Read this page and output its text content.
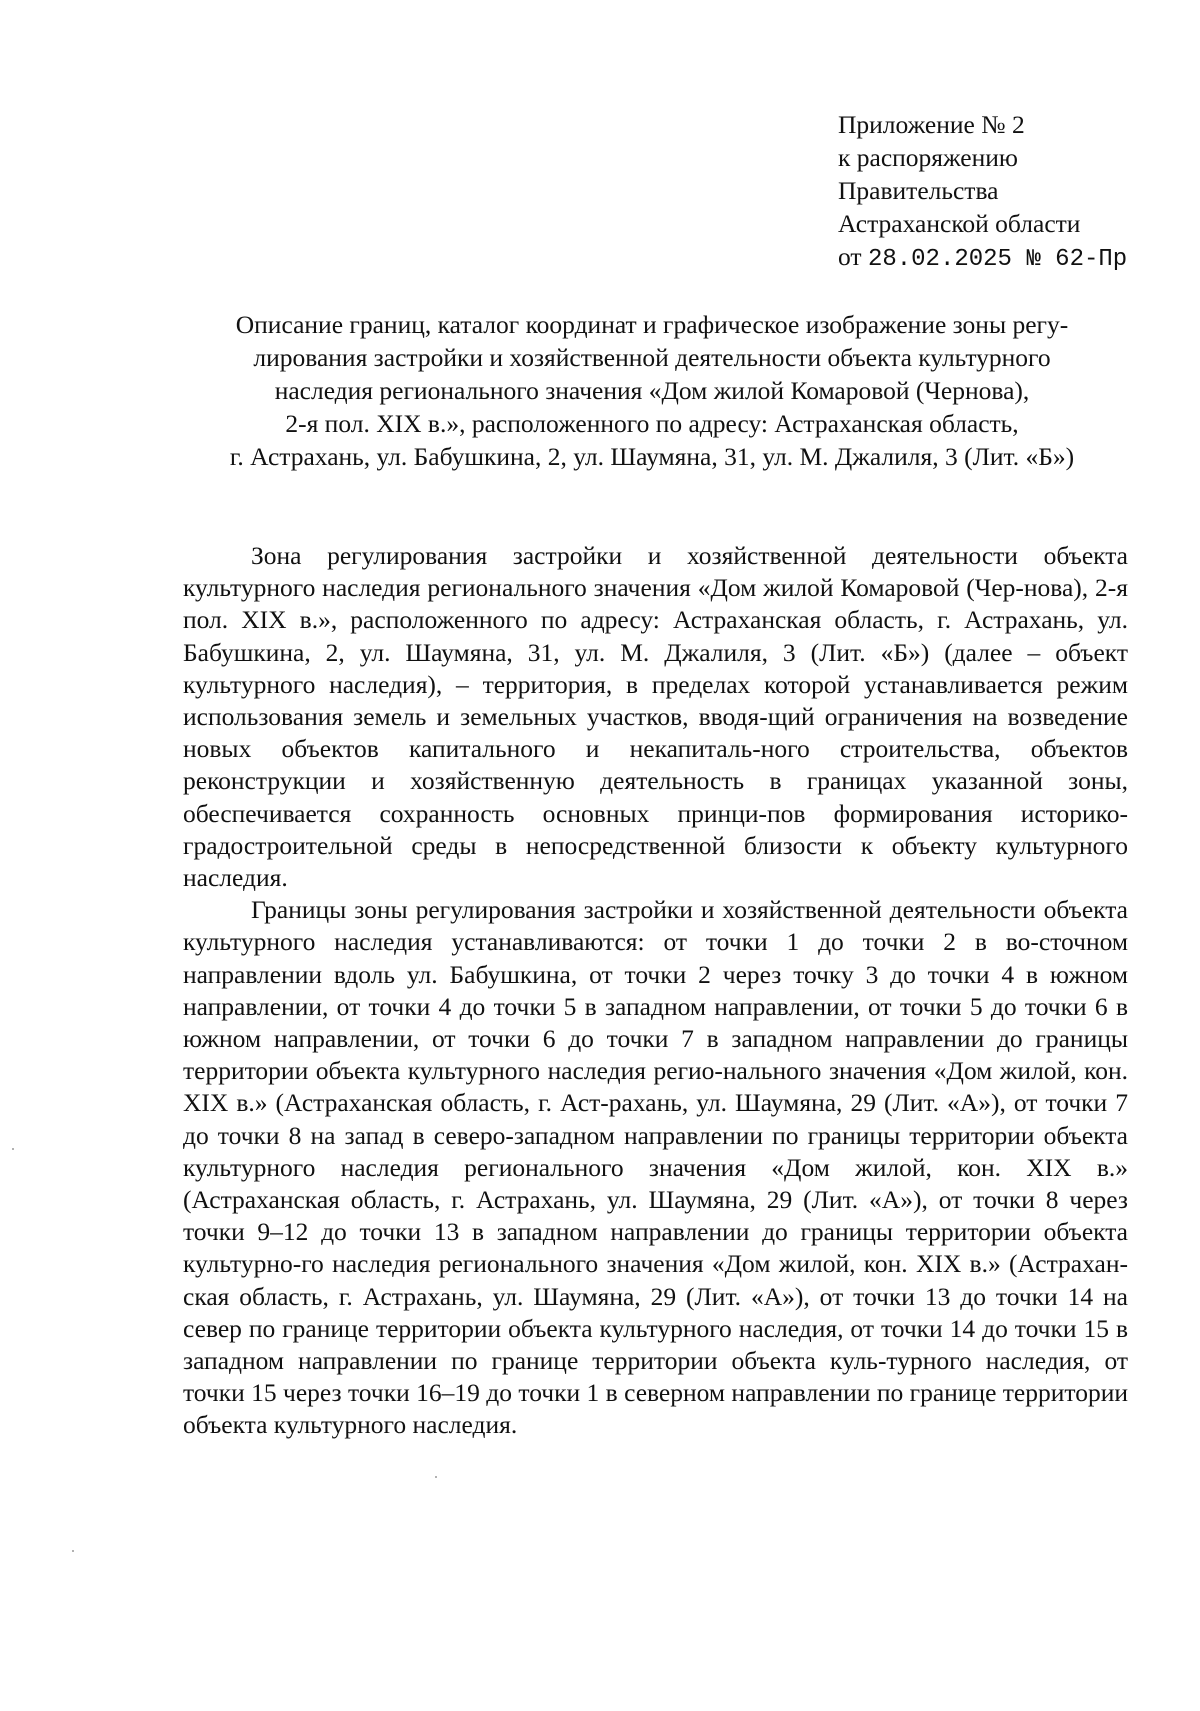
Приложение № 2
к распоряжению
Правительства
Астраханской области
от 28.02.2025 № 62-Пр
Описание границ, каталог координат и графическое изображение зоны регу-
лирования застройки и хозяйственной деятельности объекта культурного
наследия регионального значения «Дом жилой Комаровой (Чернова),
2-я пол. XIX в.», расположенного по адресу: Астраханская область,
г. Астрахань, ул. Бабушкина, 2, ул. Шаумяна, 31, ул. М. Джалиля, 3 (Лит. «Б»)

Зона регулирования застройки и хозяйственной деятельности объекта культурного наследия регионального значения «Дом жилой Комаровой (Чер-нова), 2-я пол. XIX в.», расположенного по адресу: Астраханская область, г. Астрахань, ул. Бабушкина, 2, ул. Шаумяна, 31, ул. М. Джалиля, 3 (Лит. «Б») (далее – объект культурного наследия), – территория, в пределах которой устанавливается режим использования земель и земельных участков, вводя-щий ограничения на возведение новых объектов капитального и некапиталь-ного строительства, объектов реконструкции и хозяйственную деятельность в границах указанной зоны, обеспечивается сохранность основных принци-пов формирования историко-градостроительной среды в непосредственной близости к объекту культурного наследия.

Границы зоны регулирования застройки и хозяйственной деятельности объекта культурного наследия устанавливаются: от точки 1 до точки 2 в во-сточном направлении вдоль ул. Бабушкина, от точки 2 через точку 3 до точки 4 в южном направлении, от точки 4 до точки 5 в западном направлении, от точки 5 до точки 6 в южном направлении, от точки 6 до точки 7 в западном направлении до границы территории объекта культурного наследия регио-нального значения «Дом жилой, кон. XIX в.» (Астраханская область, г. Аст-рахань, ул. Шаумяна, 29 (Лит. «А»), от точки 7 до точки 8 на запад в северо-западном направлении по границы территории объекта культурного наследия регионального значения «Дом жилой, кон. XIX в.» (Астраханская область, г. Астрахань, ул. Шаумяна, 29 (Лит. «А»), от точки 8 через точки 9–12 до точки 13 в западном направлении до границы территории объекта культурно-го наследия регионального значения «Дом жилой, кон. XIX в.» (Астрахан-ская область, г. Астрахань, ул. Шаумяна, 29 (Лит. «А»), от точки 13 до точки 14 на север по границе территории объекта культурного наследия, от точки 14 до точки 15 в западном направлении по границе территории объекта куль-турного наследия, от точки 15 через точки 16–19 до точки 1 в северном направлении по границе территории объекта культурного наследия.
